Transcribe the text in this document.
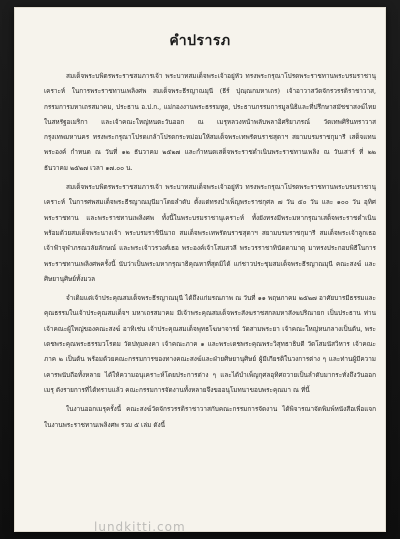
คำปรารภ

สมเด็จพระบพิตรพระราชสมภารเจ้า พระบาทสมเด็จพระเจ้าอยู่หัว ทรงพระกรุณาโปรดพระราชทานพระบรมราชานุเคราะห์ ในการพระราชทานเพลิงศพ สมเด็จพระธีรญาณมุนี (ธีร์ ปุณฺณกมหาเถร) เจ้าอาวาสวัดจักรวรรดิราชาวาส, กรรมการมหาเถรสมาคม, ประธาน อ.ป.ก., แม่กองงานพระธรรมทูต, ประธานกรรมการมูลนิธิและที่ปรึกษาสมัชชาสงฆ์ไทยในสหรัฐอเมริกา และเจ้าคณะใหญ่หนตะวันออก ณ เมรุหลวงหน้าพลับพลาอิศริยาภรณ์ วัดเทพศิรินทราวาส กรุงเทพมหานคร ทรงพระกรุณาโปรดเกล้าโปรดกระหม่อมให้สมเด็จพระเทพรัตนราชสุดาฯ สยามบรมราชกุมารี เสด็จแทนพระองค์ กำหนด ณ วันที่ ๑๒ ธันวาคม ๒๕๒๗ และกำหนดเสด็จพระราชดำเนินพระราชทานเพลิง ณ วันเสาร์ ที่ ๒๒ ธันวาคม ๒๕๒๗ เวลา ๑๗.๐๐ น.

สมเด็จพระบพิตรพระราชสมภารเจ้า พระบาทสมเด็จพระเจ้าอยู่หัว ทรงพระกรุณาโปรดพระราชทานพระบรมราชานุเคราะห์ ในการศพสมเด็จพระธีรญาณมุนีมาโดยลำดับ ตั้งแต่ทรงบำเพ็ญพระราชกุศล ๗ วัน ๕๐ วัน และ ๑๐๐ วัน อุทิศพระราชทาน และพระราชทานเพลิงศพ ทั้งนี้ในพระบรมราชานุเคราะห์ ทั้งยังทรงมีพระมหากรุณาเสด็จพระราชดำเนิน พร้อมด้วยสมเด็จพระนางเจ้า พระบรมราชินีนาถ สมเด็จพระเทพรัตนราชสุดาฯ สยามบรมราชกุมารี สมเด็จพระเจ้าลูกเธอ เจ้าฟ้าจุฬาภรณวลัยลักษณ์ และพระเจ้าวรวงศ์เธอ พระองค์เจ้าโสมสวลี พระวรราชาทินัดดามาตุ มาทรงประกอบพิธีในการพระราชทานเพลิงศพครั้งนี้ นับว่าเป็นพระมหากรุณาธิคุณหาที่สุดมิได้ แก่ชาวประชุมสมเด็จพระธีรญาณมุนี คณะสงฆ์ และศิษยานุศิษย์ทั้งมวล

จำเดิมแต่เจ้าประคุณสมเด็จพระธีรญาณมุนี ได้ถึงแก่มรณภาพ ณ วันที่ ๑๑ พฤษภาคม ๒๕๒๗ อาศัยบารมีธรรมและคุณธรรมในเจ้าประคุณสมเด็จฯ มหาเถรสมาคม มีเจ้าพระคุณสมเด็จพระสังฆราชสกลมหาสังฆปริณายก เป็นประธาน ท่านเจ้าคณะผู้ใหญ่ของคณะสงฆ์ อาทิเช่น เจ้าประคุณสมเด็จพุทธโฆษาจารย์ วัดสามพระยา เจ้าคณะใหญ่หนกลางเป็นต้น, พระเดชพระคุณพระธรรมวโรดม วัดปทุมคงคา เจ้าคณะภาค ๑ และพระเดชพระคุณพระวิสุทธาธิบดี วัดโสมนัสวิหาร เจ้าคณะภาค ๒ เป็นต้น พร้อมด้วยคณะกรรมการของทางคณะสงฆ์และฝ่ายศิษยานุศิษย์ ผู้มีเกียรติในวงการต่าง ๆ และท่านผู้มีความเคารพนับถือทั้งหลาย ได้ให้ความอนุเคราะห์โดยประการต่าง ๆ และได้บำเพ็ญกุศลอุทิศถวายเป็นลำดับมากระทั่งถึงวันออกเมรุ ดังรายการที่ได้ทราบแล้ว คณะกรรมการจัดงานทั้งหลายจึงขออนุโมทนาขอบพระคุณมา ณ ที่นี้

ในงานออกเมรุครั้งนี้ คณะสงฆ์วัดจักรวรรดิราชาวาสกับคณะกรรมการจัดงาน ได้พิจารณาจัดพิมพ์หนังสือเพื่อแจกในงานพระราชทานเพลิงศพ รวม ๕ เล่ม ดังนี้

lundkitti.com
